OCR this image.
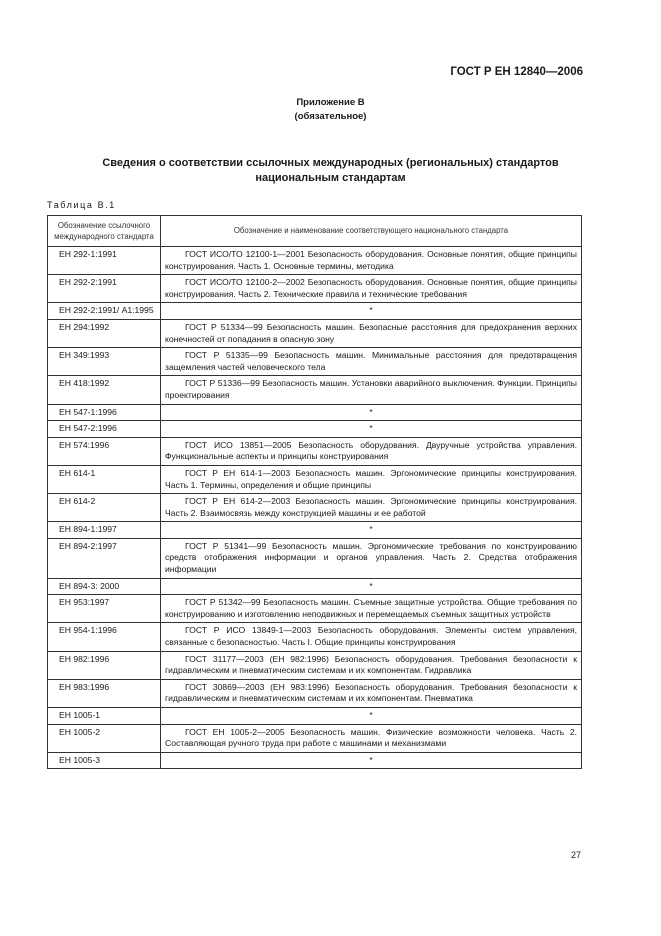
ГОСТ Р ЕН 12840—2006
Приложение В
(обязательное)
Сведения о соответствии ссылочных международных (региональных) стандартов
национальным стандартам
Таблица В.1
Обозначение ссылочного международного стандарта	Обозначение и наименование соответствующего национального стандарта
ЕН 292-1:1991	ГОСТ ИСО/ТО 12100-1—2001 Безопасность оборудования. Основные понятия, общие принципы конструирования. Часть 1. Основные термины, методика
ЕН 292-2:1991	ГОСТ ИСО/ТО 12100-2—2002 Безопасность оборудования. Основные понятия, общие принципы конструирования. Часть 2. Технические правила и технические требования
ЕН 292-2:1991/ А1:1995	*
ЕН 294:1992	ГОСТ Р 51334—99 Безопасность машин. Безопасные расстояния для предохранения верхних конечностей от попадания в опасную зону
ЕН 349:1993	ГОСТ Р 51335—99 Безопасность машин. Минимальные расстояния для предотвращения защемления частей человеческого тела
ЕН 418:1992	ГОСТ Р 51336—99 Безопасность машин. Установки аварийного выключения. Функции. Принципы проектирования
ЕН 547-1:1996	*
ЕН 547-2:1996	*
ЕН 574:1996	ГОСТ ИСО 13851—2005 Безопасность оборудования. Двуручные устройства управления. Функциональные аспекты и принципы конструирования
ЕН 614-1	ГОСТ Р ЕН 614-1—2003 Безопасность машин. Эргономические принципы конструирования. Часть 1. Термины, определения и общие принципы
ЕН 614-2	ГОСТ Р ЕН 614-2—2003 Безопасность машин. Эргономические принципы конструирования. Часть 2. Взаимосвязь между конструкцией машины и ее работой
ЕН 894-1:1997	*
ЕН 894-2:1997	ГОСТ Р 51341—99 Безопасность машин. Эргономические требования по конструированию средств отображения информации и органов управления. Часть 2. Средства отображения информации
ЕН 894-3: 2000	*
ЕН 953:1997	ГОСТ Р 51342—99 Безопасность машин. Съемные защитные устройства. Общие требования по конструированию и изготовлению неподвижных и перемещаемых съемных защитных устройств
ЕН 954-1:1996	ГОСТ Р ИСО 13849-1—2003 Безопасность оборудования. Элементы систем управления, связанные с безопасностью. Часть I. Общие принципы конструирования
ЕН 982:1996	ГОСТ 31177—2003 (ЕН 982:1996) Безопасность оборудования. Требования безопасности к гидравлическим и пневматическим системам и их компонентам. Гидравлика
ЕН 983:1996	ГОСТ 30869—2003 (ЕН 983:1996) Безопасность оборудования. Требования безопасности к гидравлическим и пневматическим системам и их компонентам. Пневматика
ЕН 1005-1	*
ЕН 1005-2	ГОСТ ЕН 1005-2—2005 Безопасность машин. Физические возможности человека. Часть 2. Составляющая ручного труда при работе с машинами и механизмами
ЕН 1005-3	*
27
